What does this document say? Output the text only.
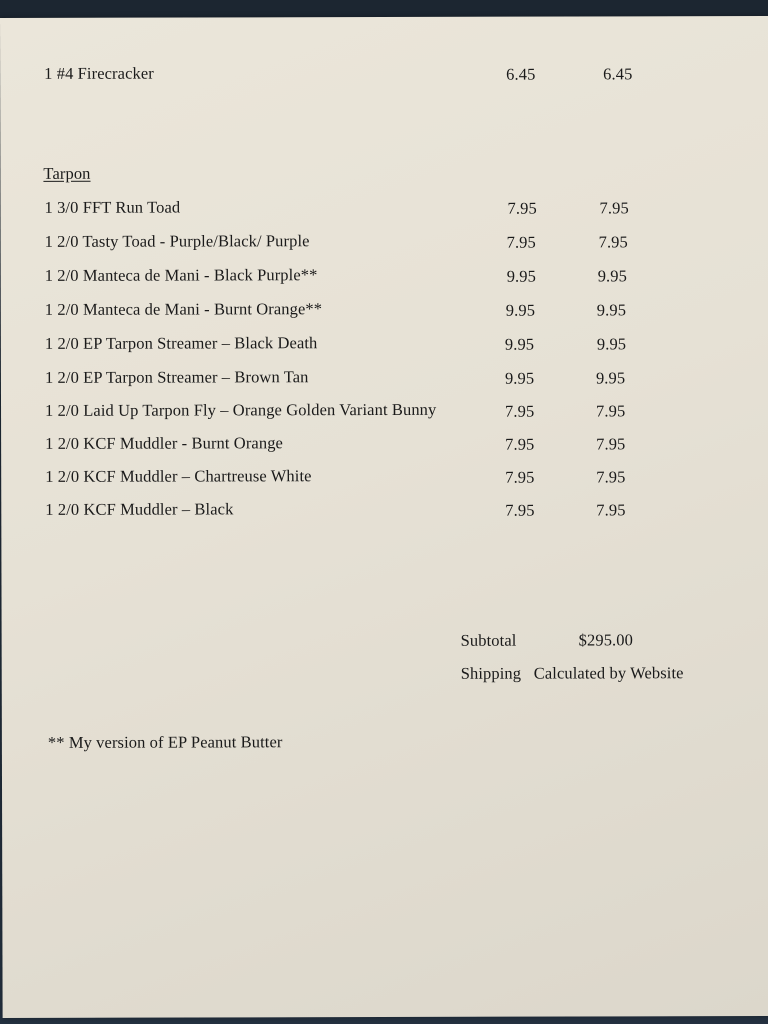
1 #4 Firecracker	6.45	6.45
Tarpon
1 3/0 FFT Run Toad	7.95	7.95
1 2/0 Tasty Toad - Purple/Black/ Purple	7.95	7.95
1 2/0 Manteca de Mani - Black Purple**	9.95	9.95
1 2/0 Manteca de Mani - Burnt Orange**	9.95	9.95
1 2/0 EP Tarpon Streamer – Black Death	9.95	9.95
1 2/0 EP Tarpon Streamer – Brown Tan	9.95	9.95
1 2/0 Laid Up Tarpon Fly – Orange Golden Variant Bunny	7.95	7.95
1 2/0 KCF Muddler - Burnt Orange	7.95	7.95
1 2/0 KCF Muddler – Chartreuse White	7.95	7.95
1 2/0 KCF Muddler – Black	7.95	7.95
Subtotal	$295.00
Shipping Calculated by Website
** My version of EP Peanut Butter
